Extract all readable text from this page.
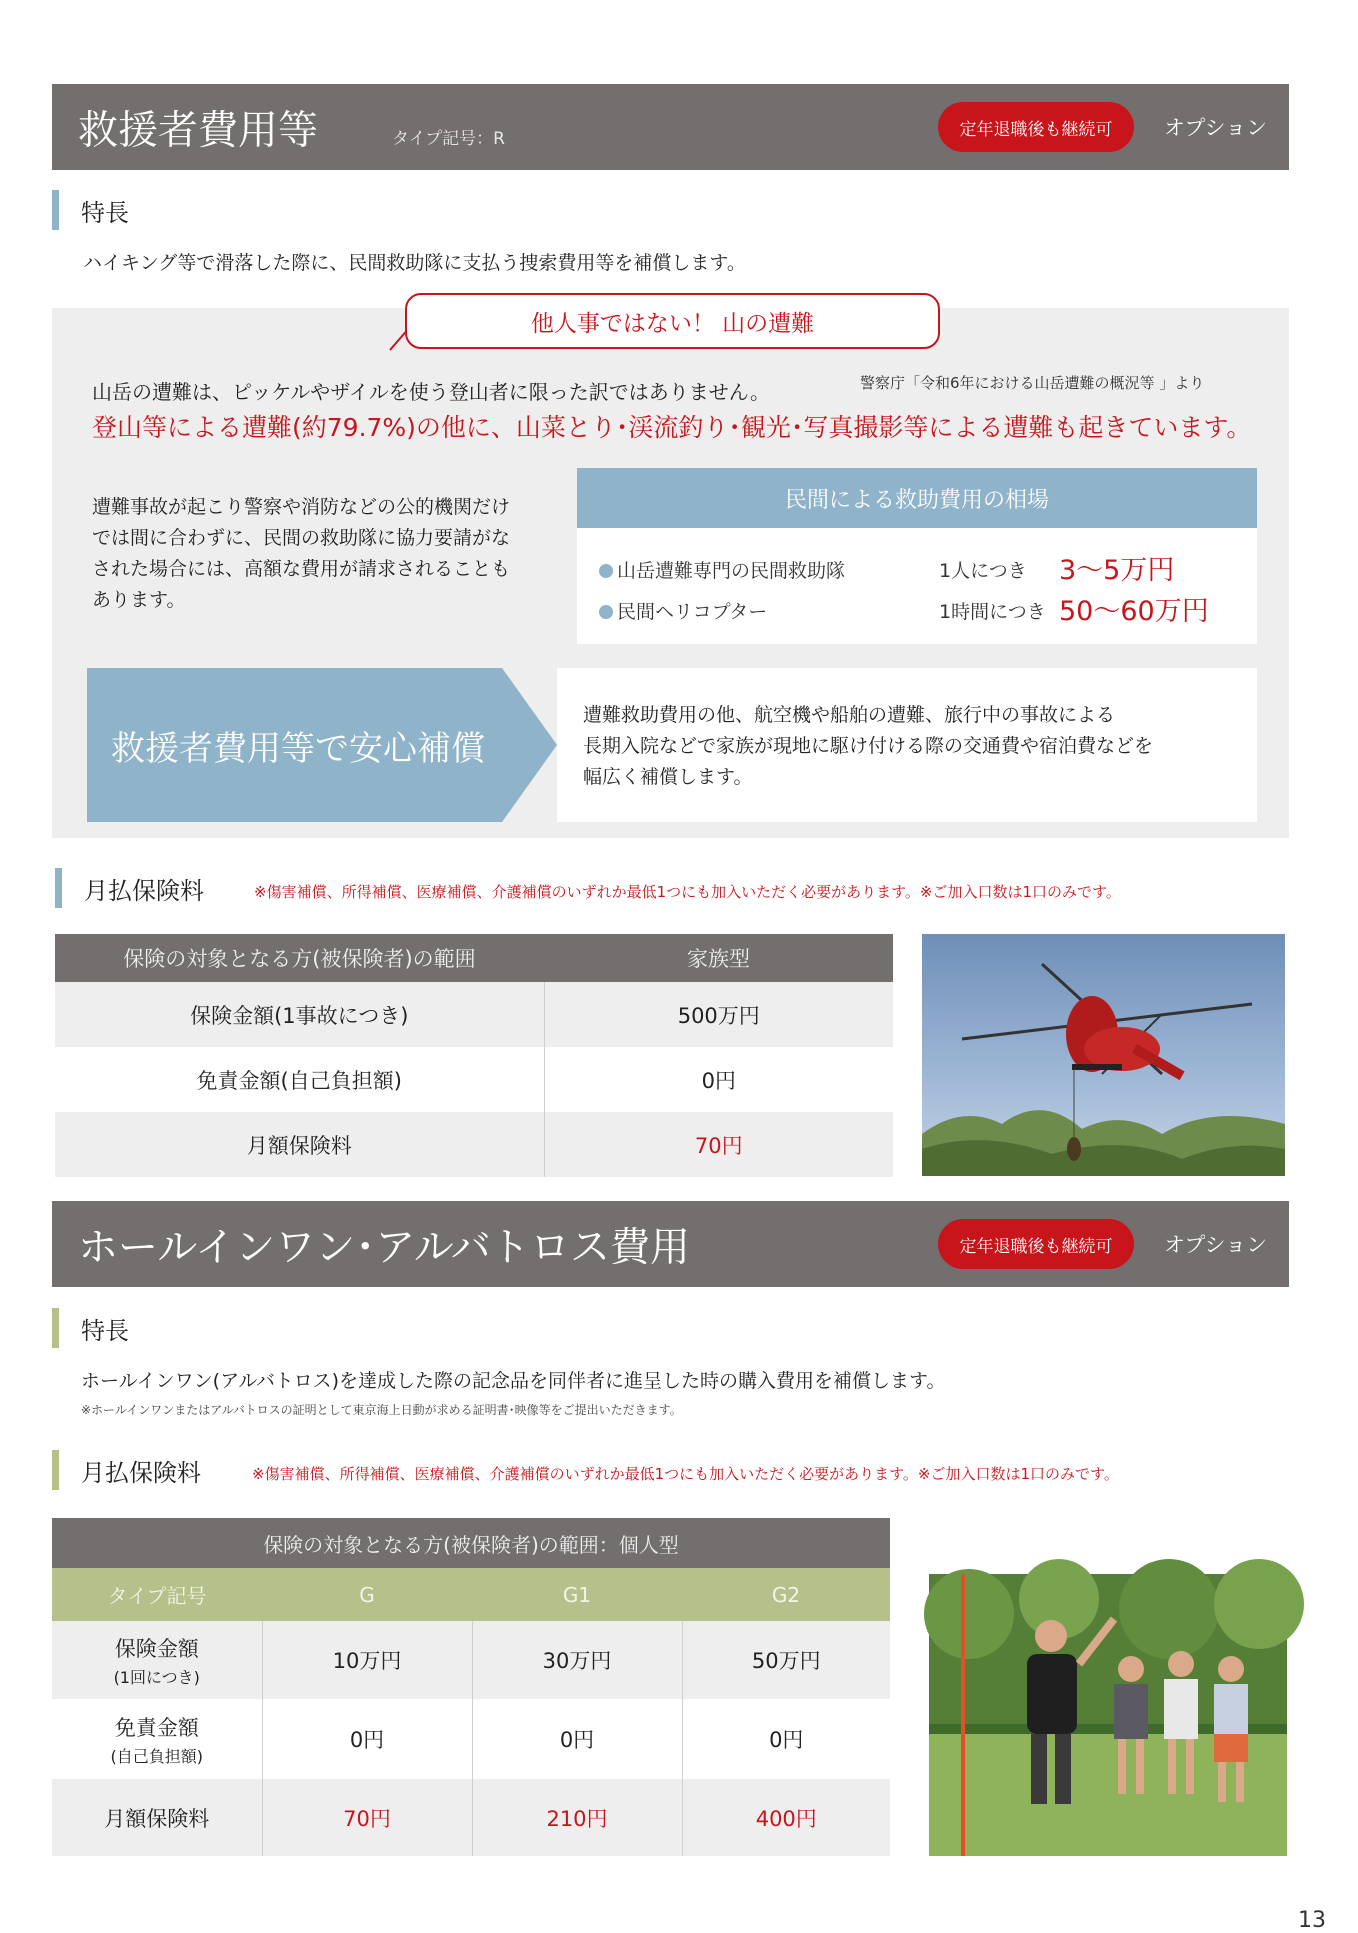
救援者費用等	タイプ記号：R	定年退職後も継続可	オプション
特長
ハイキング等で滑落した際に、民間救助隊に支払う捜索費用等を補償します。
他人事ではない！ 山の遭難
山岳の遭難は、ピッケルやザイルを使う登山者に限った訳ではありません。	警察庁「令和6年における山岳遭難の概況等 」より
登山等による遭難(約79.7%)の他に、山菜とり･渓流釣り･観光･写真撮影等による遭難も起きています。
遭難事故が起こり警察や消防などの公的機関だけ
では間に合わずに、民間の救助隊に協力要請がな
された場合には、高額な費用が請求されることも
あります。
民間による救助費用の相場
山岳遭難専門の民間救助隊	1人につき 3～5万円
民間ヘリコプター	1時間につき 50～60万円
救援者費用等で安心補償
遭難救助費用の他、航空機や船舶の遭難、旅行中の事故による
長期入院などで家族が現地に駆け付ける際の交通費や宿泊費などを
幅広く補償します。
月払保険料	※傷害補償、所得補償、医療補償、介護補償のいずれか最低1つにも加入いただく必要があります。※ご加入口数は1口のみです。
保険の対象となる方(被保険者)の範囲	家族型
保険金額(1事故につき)	500万円
免責金額(自己負担額)	0円
月額保険料	70円
ホールインワン･アルバトロス費用	定年退職後も継続可	オプション
特長
ホールインワン(アルバトロス)を達成した際の記念品を同伴者に進呈した時の購入費用を補償します。
※ホールインワンまたはアルバトロスの証明として東京海上日動が求める証明書･映像等をご提出いただきます。
月払保険料	※傷害補償、所得補償、医療補償、介護補償のいずれか最低1つにも加入いただく必要があります。※ご加入口数は1口のみです。
保険の対象となる方(被保険者)の範囲：個人型			
タイプ記号	G	G1	G2
保険金額
(1回につき)	10万円	30万円	50万円
免責金額
(自己負担額)	0円	0円	0円
月額保険料	70円	210円	400円
13
